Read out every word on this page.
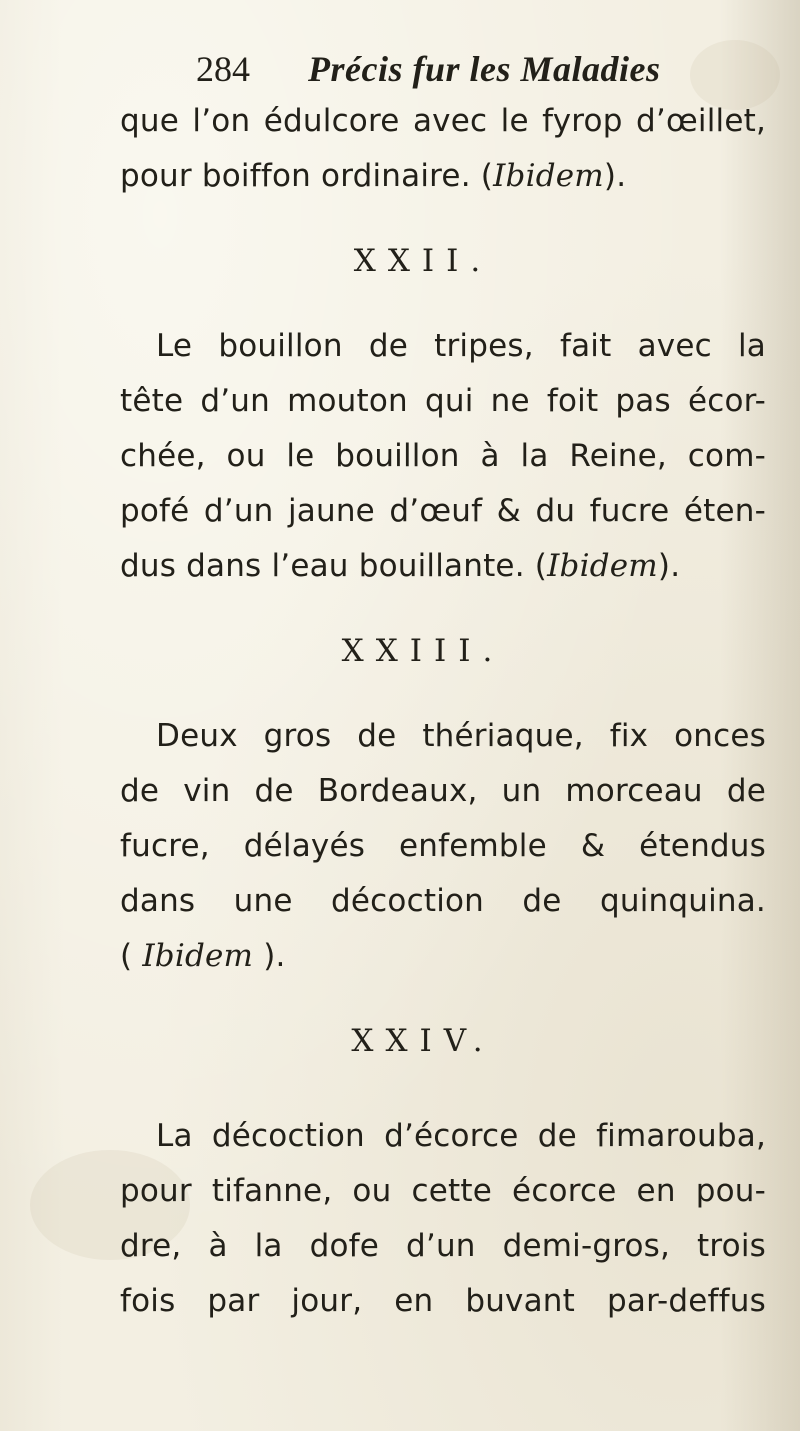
284 Précis fur les Maladies
que l’on édulcore avec le fyrop d’œillet,
pour boiffon ordinaire. (Ibidem).
XXII.
Le bouillon de tripes, fait avec la
tête d’un mouton qui ne foit pas écor-
chée, ou le bouillon à la Reine, com-
pofé d’un jaune d’œuf & du fucre éten-
dus dans l’eau bouillante. (Ibidem).
XXIII.
Deux gros de thériaque, fix onces
de vin de Bordeaux, un morceau de
fucre, délayés enfemble & étendus
dans une décoction de quinquina.
( Ibidem ).
XXIV.
La décoction d’écorce de fimarouba,
pour tifanne, ou cette écorce en pou-
dre, à la dofe d’un demi-gros, trois
fois par jour, en buvant par-deffus
